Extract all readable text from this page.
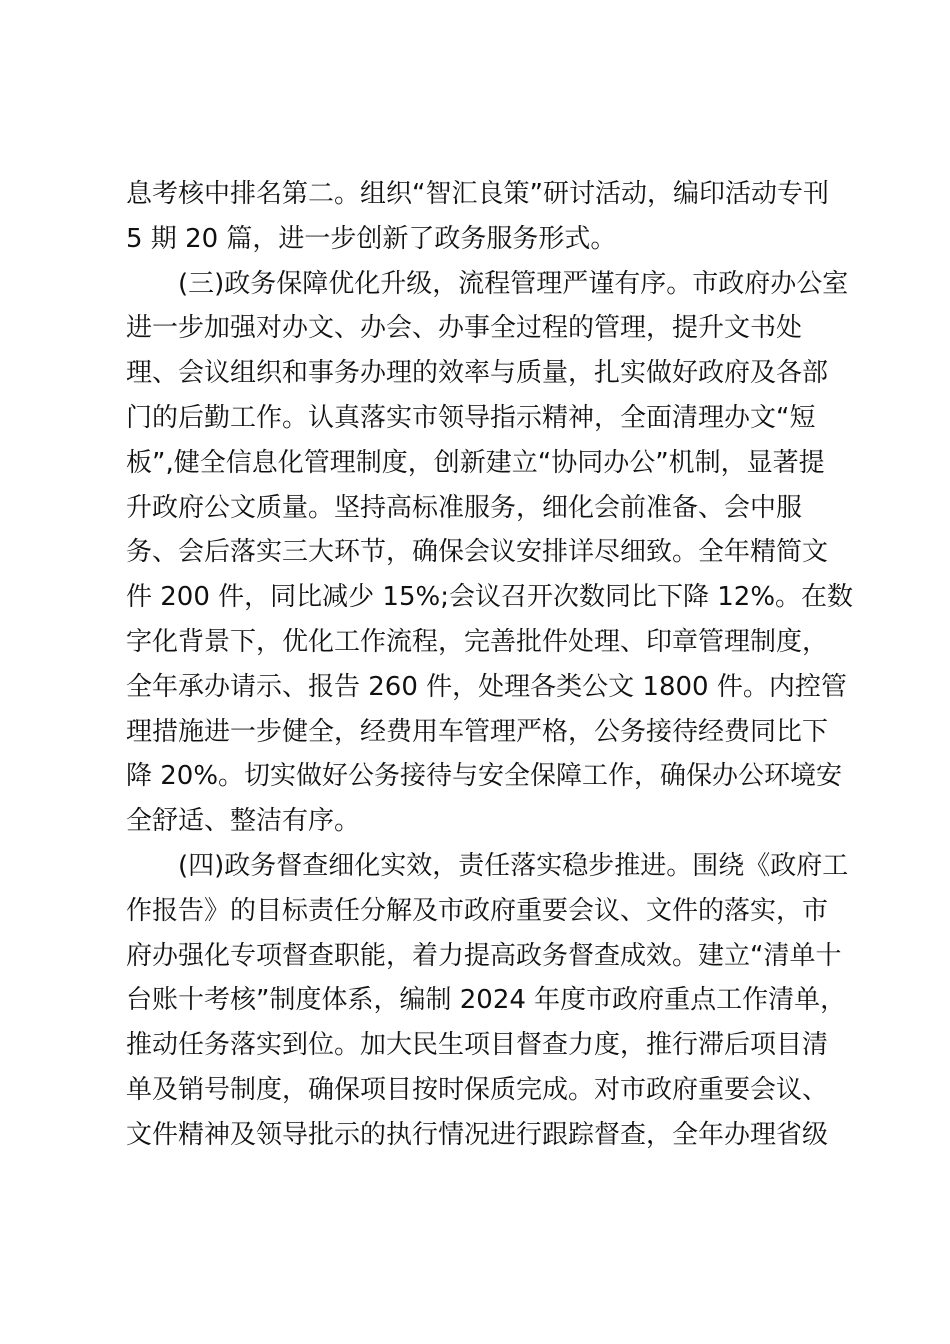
息考核中排名第二。组织“智汇良策”研讨活动，编印活动专刊
5 期 20 篇，进一步创新了政务服务形式。
(三)政务保障优化升级，流程管理严谨有序。市政府办公室
进一步加强对办文、办会、办事全过程的管理，提升文书处
理、会议组织和事务办理的效率与质量，扎实做好政府及各部
门的后勤工作。认真落实市领导指示精神，全面清理办文“短
板”,健全信息化管理制度，创新建立“协同办公”机制，显著提
升政府公文质量。坚持高标准服务，细化会前准备、会中服
务、会后落实三大环节，确保会议安排详尽细致。全年精简文
件 200 件，同比减少 15%;会议召开次数同比下降 12%。在数
字化背景下，优化工作流程，完善批件处理、印章管理制度，
全年承办请示、报告 260 件，处理各类公文 1800 件。内控管
理措施进一步健全，经费用车管理严格，公务接待经费同比下
降 20%。切实做好公务接待与安全保障工作，确保办公环境安
全舒适、整洁有序。
(四)政务督查细化实效，责任落实稳步推进。围绕《政府工
作报告》的目标责任分解及市政府重要会议、文件的落实，市
府办强化专项督查职能，着力提高政务督查成效。建立“清单十
台账十考核”制度体系，编制 2024 年度市政府重点工作清单，
推动任务落实到位。加大民生项目督查力度，推行滞后项目清
单及销号制度，确保项目按时保质完成。对市政府重要会议、
文件精神及领导批示的执行情况进行跟踪督查，全年办理省级
